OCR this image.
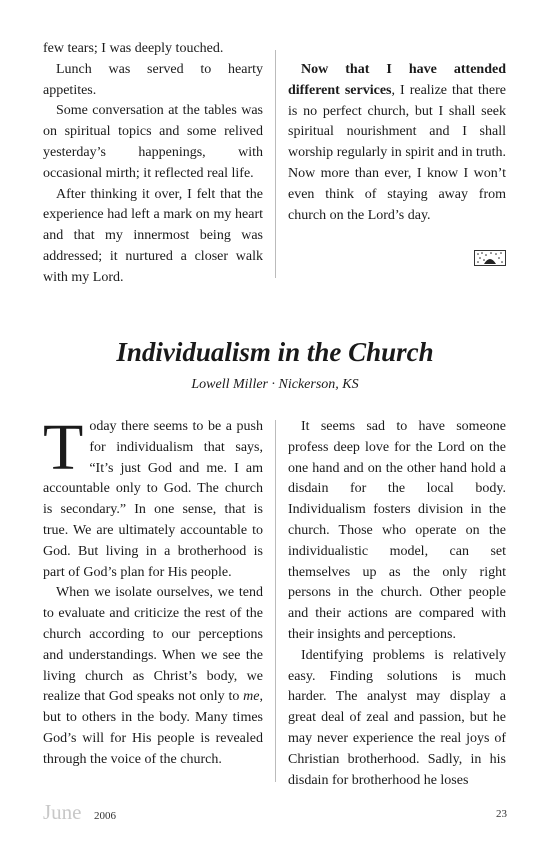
few tears; I was deeply touched.

Lunch was served to hearty appetites.

Some conversation at the tables was on spiritual topics and some relived yesterday’s happenings, with occasional mirth; it reflected real life.

After thinking it over, I felt that the experience had left a mark on my heart and that my innermost being was addressed; it nurtured a closer walk with my Lord.

Now that I have attended different services, I realize that there is no perfect church, but I shall seek spiritual nourishment and I shall worship regularly in spirit and in truth. Now more than ever, I know I won’t even think of staying away from church on the Lord’s day.

Individualism in the Church
Lowell Miller · Nickerson, KS

Today there seems to be a push for individualism that says, “It’s just God and me. I am accountable only to God. The church is secondary.” In one sense, that is true. We are ultimately accountable to God. But living in a brotherhood is part of God’s plan for His people.

When we isolate ourselves, we tend to evaluate and criticize the rest of the church according to our perceptions and understandings. When we see the living church as Christ’s body, we realize that God speaks not only to me, but to others in the body. Many times God’s will for His people is revealed through the voice of the church.

It seems sad to have someone profess deep love for the Lord on the one hand and on the other hand hold a disdain for the local body. Individualism fosters division in the church. Those who operate on the individualistic model, can set themselves up as the only right persons in the church. Other people and their actions are compared with their insights and perceptions.

Identifying problems is relatively easy. Finding solutions is much harder. The analyst may display a great deal of zeal and passion, but he may never experience the real joys of Christian brotherhood. Sadly, in his disdain for brotherhood he loses

June 2006	23
